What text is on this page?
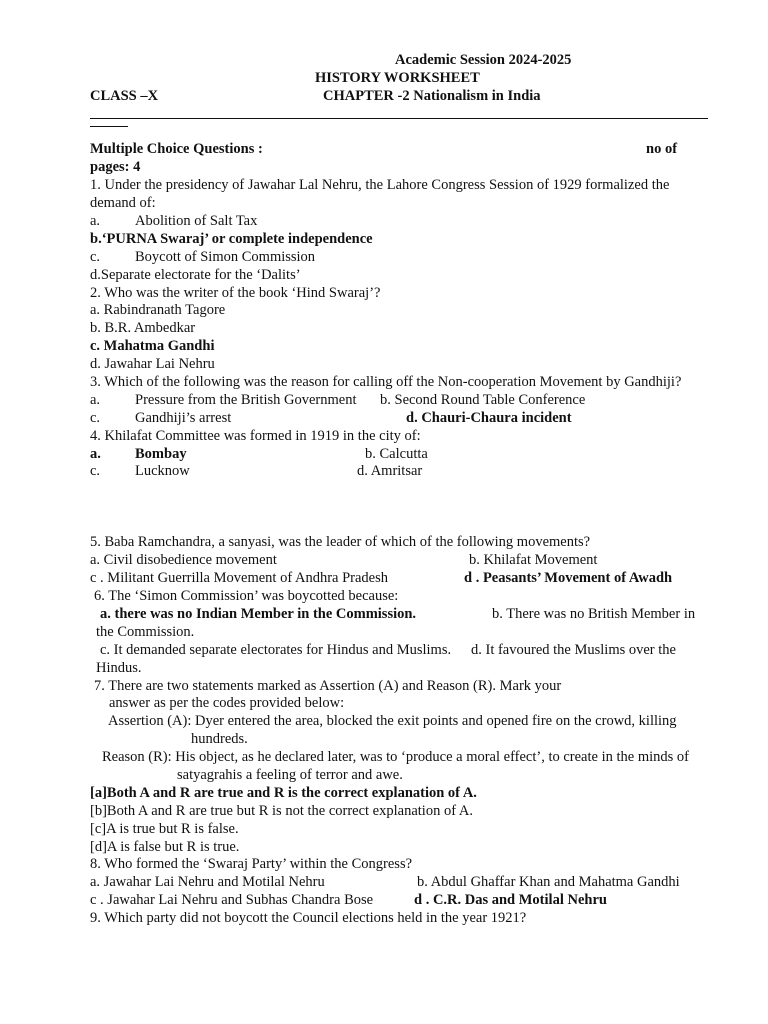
Academic Session 2024-2025
HISTORY WORKSHEET
CLASS –X	CHAPTER -2 Nationalism in India
Multiple Choice Questions :	no of
pages: 4
1. Under the presidency of Jawahar Lal Nehru, the Lahore Congress Session of 1929 formalized the
demand of:
a. Abolition of Salt Tax
b.‘PURNA Swaraj’ or complete independence
c. Boycott of Simon Commission
d.Separate electorate for the ‘Dalits’
2. Who was the writer of the book ‘Hind Swaraj’?
a. Rabindranath Tagore
b. B.R. Ambedkar
c. Mahatma Gandhi
d. Jawahar Lai Nehru
3. Which of the following was the reason for calling off the Non-cooperation Movement by Gandhiji?
a. Pressure from the British Government b. Second Round Table Conference
c. Gandhiji’s arrest	d. Chauri-Chaura incident
4. Khilafat Committee was formed in 1919 in the city of:
a. Bombay	b. Calcutta
c. Lucknow	d. Amritsar
5. Baba Ramchandra, a sanyasi, was the leader of which of the following movements?
a. Civil disobedience movement	b. Khilafat Movement
c . Militant Guerrilla Movement of Andhra Pradesh	d . Peasants’ Movement of Awadh
6. The ‘Simon Commission’ was boycotted because:
a. there was no Indian Member in the Commission.	b. There was no British Member in
the Commission.
c. It demanded separate electorates for Hindus and Muslims. d. It favoured the Muslims over the
Hindus.
7. There are two statements marked as Assertion (A) and Reason (R). Mark your
answer as per the codes provided below:
Assertion (A): Dyer entered the area, blocked the exit points and opened fire on the crowd, killing
hundreds.
Reason (R): His object, as he declared later, was to ‘produce a moral effect’, to create in the minds of
satyagrahis a feeling of terror and awe.
[a]Both A and R are true and R is the correct explanation of A.
[b]Both A and R are true but R is not the correct explanation of A.
[c]A is true but R is false.
[d]A is false but R is true.
8. Who formed the ‘Swaraj Party’ within the Congress?
a. Jawahar Lai Nehru and Motilal Nehru	b. Abdul Ghaffar Khan and Mahatma Gandhi
c . Jawahar Lai Nehru and Subhas Chandra Bose	d . C.R. Das and Motilal Nehru
9. Which party did not boycott the Council elections held in the year 1921?
